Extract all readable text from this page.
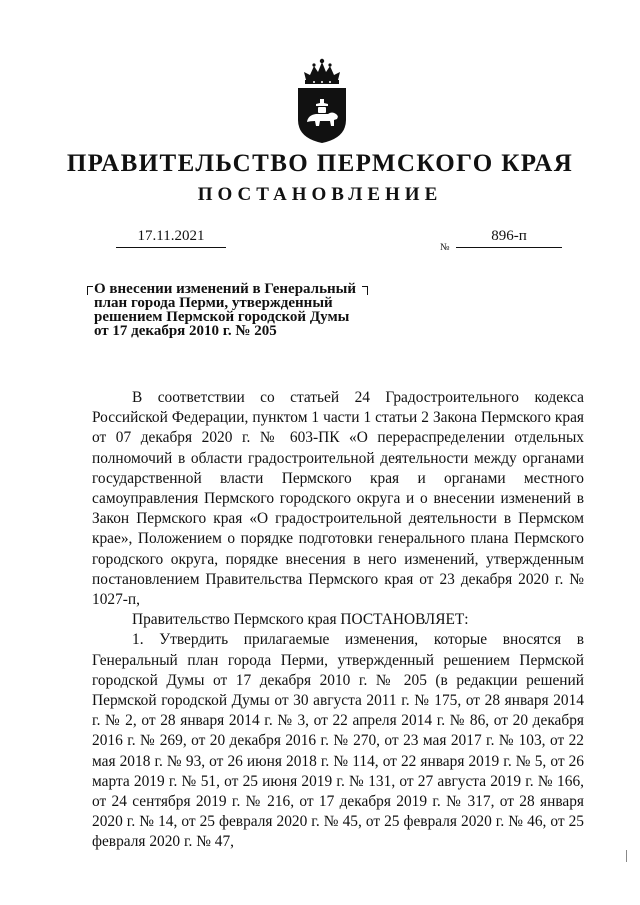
ПРАВИТЕЛЬСТВО ПЕРМСКОГО КРАЯ
ПОСТАНОВЛЕНИЕ
17.11.2021
№
896-п
О внесении изменений в Генеральный
план города Перми, утвержденный
решением Пермской городской Думы
от 17 декабря 2010 г. № 205

В соответствии со статьей 24 Градостроительного кодекса Российской Федерации, пунктом 1 части 1 статьи 2 Закона Пермского края от 07 декабря 2020 г. № 603-ПК «О перераспределении отдельных полномочий в области градостроительной деятельности между органами государственной власти Пермского края и органами местного самоуправления Пермского городского округа и о внесении изменений в Закон Пермского края «О градостроительной деятельности в Пермском крае», Положением о порядке подготовки генерального плана Пермского городского округа, порядке внесения в него изменений, утвержденным постановлением Правительства Пермского края от 23 декабря 2020 г. № 1027-п,

Правительство Пермского края ПОСТАНОВЛЯЕТ:

1. Утвердить прилагаемые изменения, которые вносятся в Генеральный план города Перми, утвержденный решением Пермской городской Думы от 17 декабря 2010 г. № 205 (в редакции решений Пермской городской Думы от 30 августа 2011 г. № 175, от 28 января 2014 г. № 2, от 28 января 2014 г. № 3, от 22 апреля 2014 г. № 86, от 20 декабря 2016 г. № 269, от 20 декабря 2016 г. № 270, от 23 мая 2017 г. № 103, от 22 мая 2018 г. № 93, от 26 июня 2018 г. № 114, от 22 января 2019 г. № 5, от 26 марта 2019 г. № 51, от 25 июня 2019 г. № 131, от 27 августа 2019 г. № 166, от 24 сентября 2019 г. № 216, от 17 декабря 2019 г. № 317, от 28 января 2020 г. № 14, от 25 февраля 2020 г. № 45, от 25 февраля 2020 г. № 46, от 25 февраля 2020 г. № 47,
